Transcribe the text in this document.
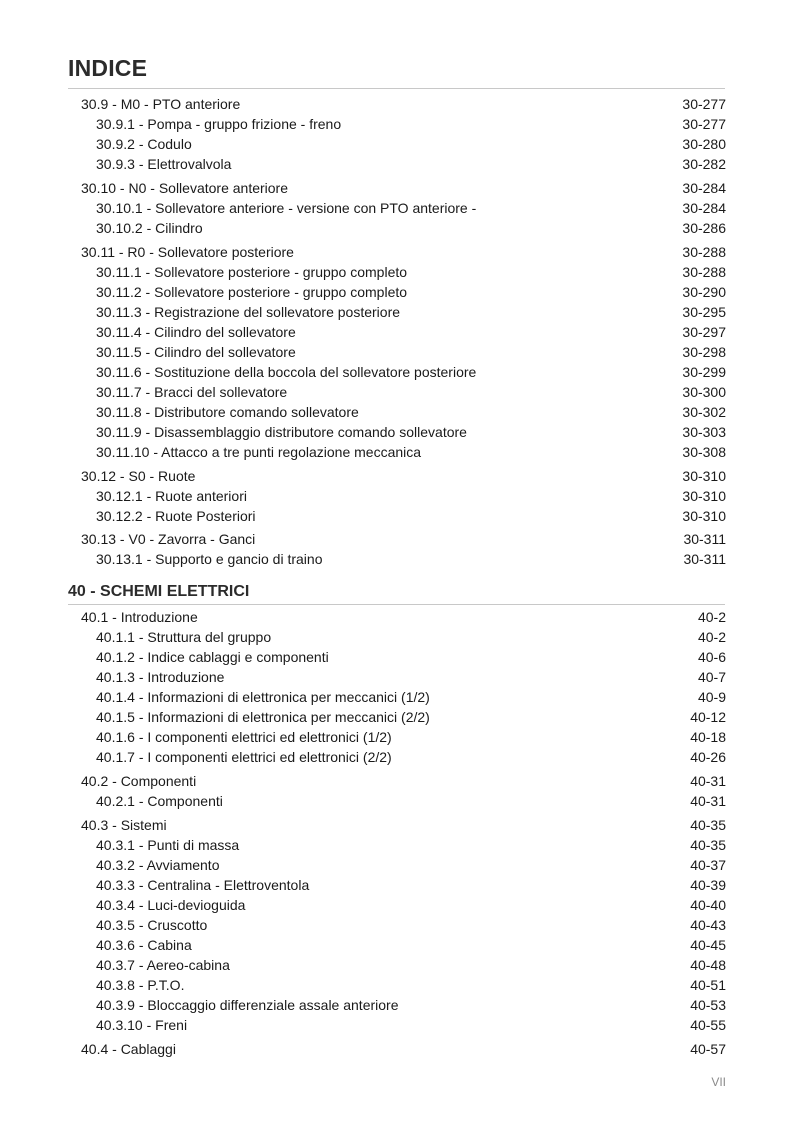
INDICE
30.9 - M0 - PTO anteriore	30-277
30.9.1 - Pompa - gruppo frizione - freno	30-277
30.9.2 - Codulo	30-280
30.9.3 - Elettrovalvola	30-282
30.10 - N0 - Sollevatore anteriore	30-284
30.10.1 - Sollevatore anteriore - versione con PTO anteriore -	30-284
30.10.2 - Cilindro	30-286
30.11 - R0 - Sollevatore posteriore	30-288
30.11.1 - Sollevatore posteriore - gruppo completo	30-288
30.11.2 - Sollevatore posteriore - gruppo completo	30-290
30.11.3 - Registrazione del sollevatore posteriore	30-295
30.11.4 - Cilindro del sollevatore	30-297
30.11.5 - Cilindro del sollevatore	30-298
30.11.6 - Sostituzione della boccola del sollevatore posteriore	30-299
30.11.7 - Bracci del sollevatore	30-300
30.11.8 - Distributore comando sollevatore	30-302
30.11.9 - Disassemblaggio distributore comando sollevatore	30-303
30.11.10 - Attacco a tre punti regolazione meccanica	30-308
30.12 - S0 - Ruote	30-310
30.12.1 - Ruote anteriori	30-310
30.12.2 - Ruote Posteriori	30-310
30.13 - V0 - Zavorra - Ganci	30-311
30.13.1 - Supporto e gancio di traino	30-311
40 - SCHEMI ELETTRICI
40.1 - Introduzione	40-2
40.1.1 - Struttura del gruppo	40-2
40.1.2 - Indice cablaggi e componenti	40-6
40.1.3 - Introduzione	40-7
40.1.4 - Informazioni di elettronica per meccanici (1/2)	40-9
40.1.5 - Informazioni di elettronica per meccanici (2/2)	40-12
40.1.6 - I componenti elettrici ed elettronici (1/2)	40-18
40.1.7 - I componenti elettrici ed elettronici (2/2)	40-26
40.2 - Componenti	40-31
40.2.1 - Componenti	40-31
40.3 - Sistemi	40-35
40.3.1 - Punti di massa	40-35
40.3.2 - Avviamento	40-37
40.3.3 - Centralina - Elettroventola	40-39
40.3.4 - Luci-devioguida	40-40
40.3.5 - Cruscotto	40-43
40.3.6 - Cabina	40-45
40.3.7 - Aereo-cabina	40-48
40.3.8 - P.T.O.	40-51
40.3.9 - Bloccaggio differenziale assale anteriore	40-53
40.3.10 - Freni	40-55
40.4 - Cablaggi	40-57
VII
